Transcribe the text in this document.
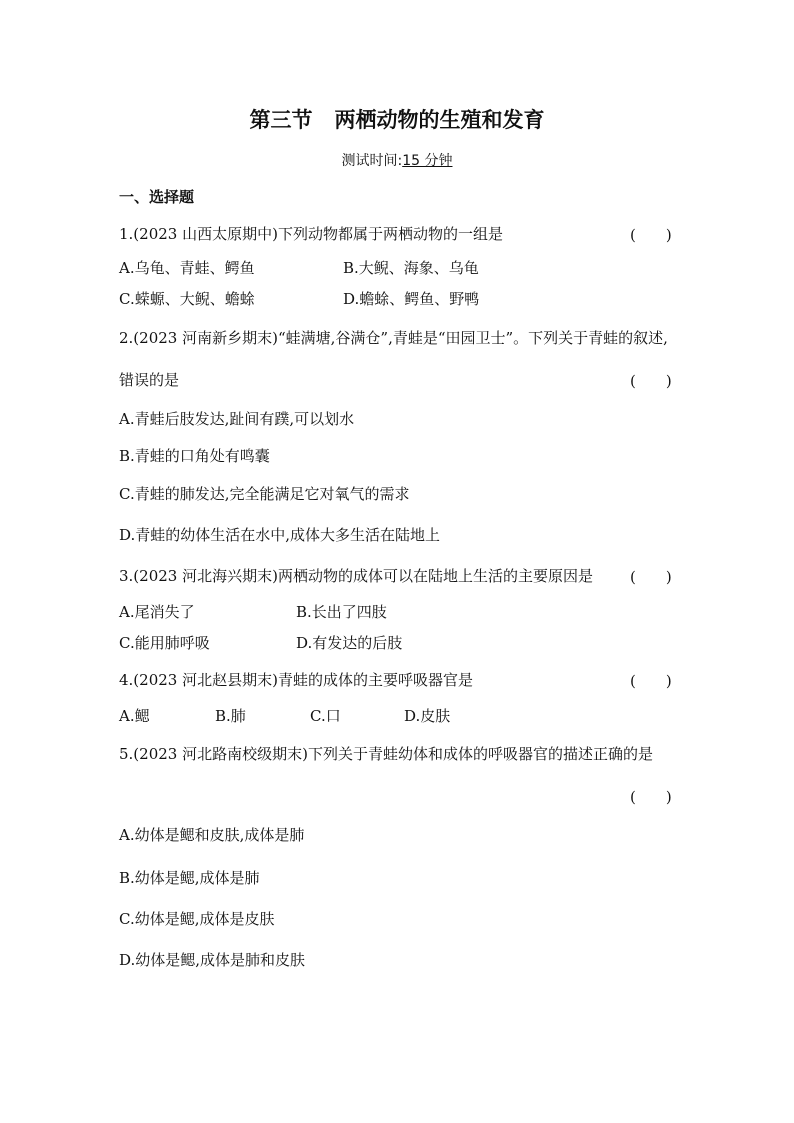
第三节 两栖动物的生殖和发育
测试时间:15 分钟
一、选择题
1.(2023 山西太原期中)下列动物都属于两栖动物的一组是	(　　)
A.乌龟、青蛙、鳄鱼	B.大鲵、海象、乌龟
C.蝾螈、大鲵、蟾蜍	D.蟾蜍、鳄鱼、野鸭
2.(2023 河南新乡期末)“蛙满塘,谷满仓”,青蛙是“田园卫士”。下列关于青蛙的叙述,
错误的是	(　　)
A.青蛙后肢发达,趾间有蹼,可以划水
B.青蛙的口角处有鸣囊
C.青蛙的肺发达,完全能满足它对氧气的需求
D.青蛙的幼体生活在水中,成体大多生活在陆地上
3.(2023 河北海兴期末)两栖动物的成体可以在陆地上生活的主要原因是 (　　)
A.尾消失了	B.长出了四肢
C.能用肺呼吸	D.有发达的后肢
4.(2023 河北赵县期末)青蛙的成体的主要呼吸器官是	(　　)
A.鳃	B.肺	C.口	D.皮肤
5.(2023 河北路南校级期末)下列关于青蛙幼体和成体的呼吸器官的描述正确的是
(　　)
A.幼体是鳃和皮肤,成体是肺
B.幼体是鳃,成体是肺
C.幼体是鳃,成体是皮肤
D.幼体是鳃,成体是肺和皮肤
